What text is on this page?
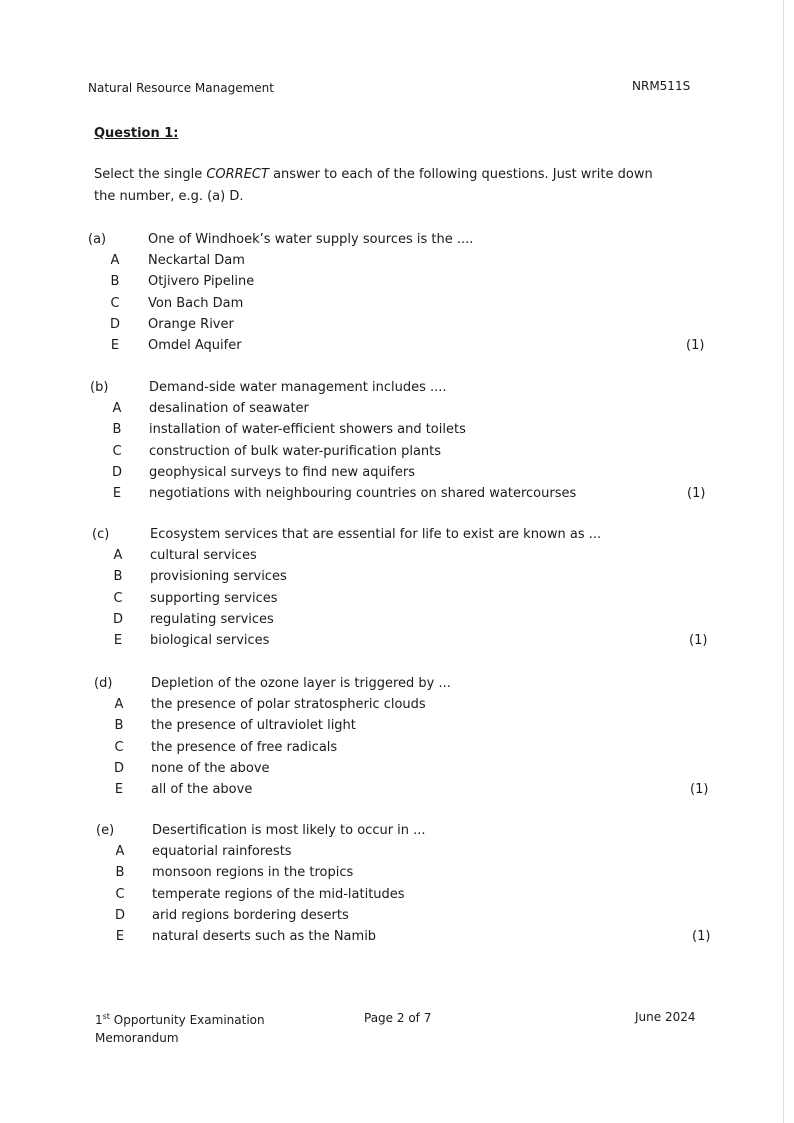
Natural Resource Management	NRM511S
Question 1:
Select the single CORRECT answer to each of the following questions. Just write down the number, e.g. (a) D.
(a)	One of Windhoek’s water supply sources is the ....
A	Neckartal Dam
B	Otjivero Pipeline
C	Von Bach Dam
D	Orange River
E	Omdel Aquifer	(1)
(b)	Demand-side water management includes ....
A	desalination of seawater
B	installation of water-efficient showers and toilets
C	construction of bulk water-purification plants
D	geophysical surveys to find new aquifers
E	negotiations with neighbouring countries on shared watercourses	(1)
(c)	Ecosystem services that are essential for life to exist are known as ...
A	cultural services
B	provisioning services
C	supporting services
D	regulating services
E	biological services	(1)
(d)	Depletion of the ozone layer is triggered by ...
A	the presence of polar stratospheric clouds
B	the presence of ultraviolet light
C	the presence of free radicals
D	none of the above
E	all of the above	(1)
(e)	Desertification is most likely to occur in ...
A	equatorial rainforests
B	monsoon regions in the tropics
C	temperate regions of the mid-latitudes
D	arid regions bordering deserts
E	natural deserts such as the Namib	(1)
1st Opportunity Examination
Memorandum
Page 2 of 7	June 2024
